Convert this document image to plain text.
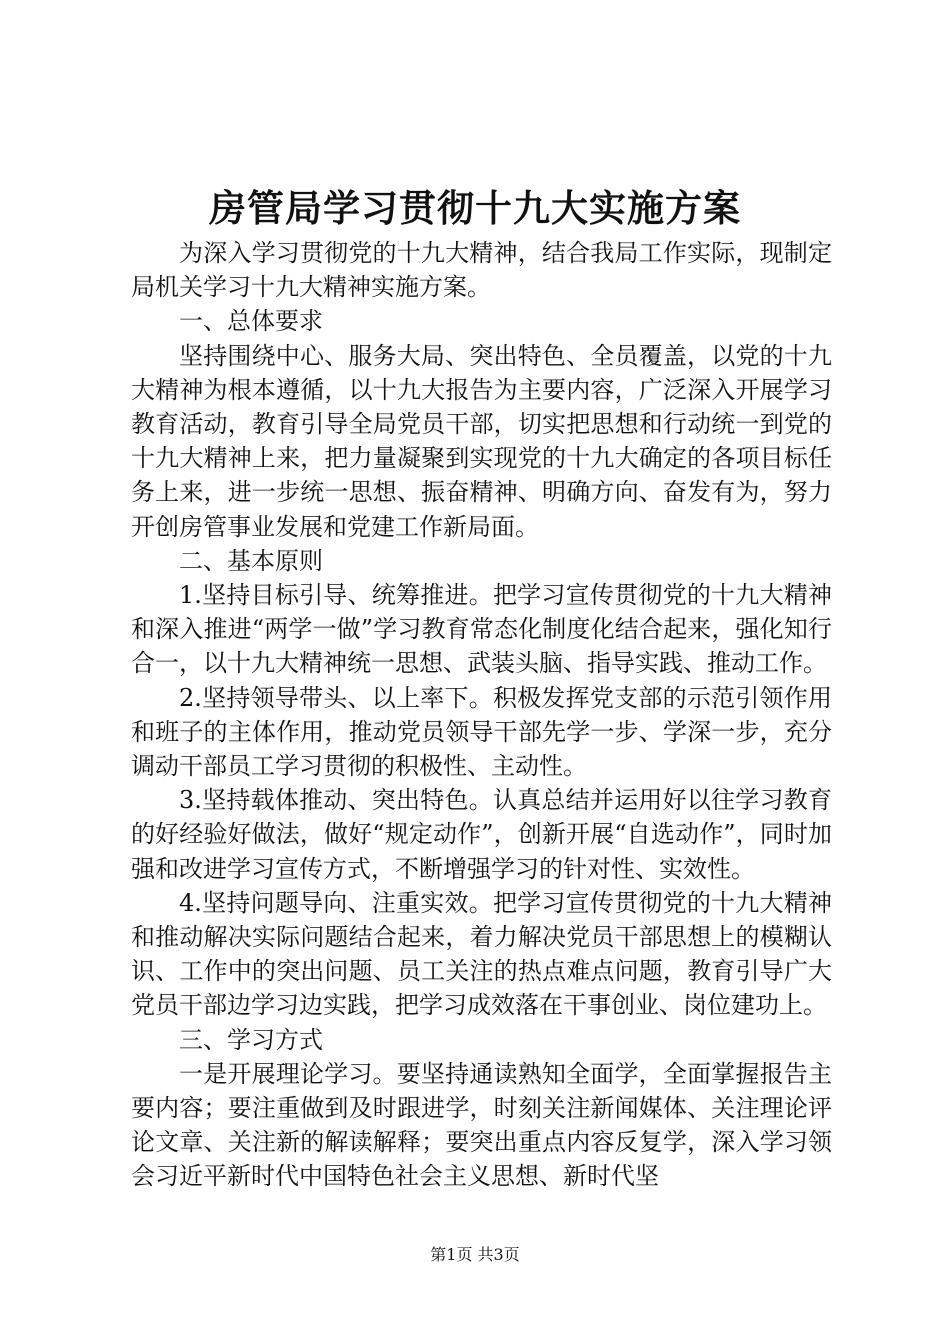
房管局学习贯彻十九大实施方案

为深入学习贯彻党的十九大精神，结合我局工作实际，现制定局机关学习十九大精神实施方案。

一、总体要求

坚持围绕中心、服务大局、突出特色、全员覆盖，以党的十九大精神为根本遵循，以十九大报告为主要内容，广泛深入开展学习教育活动，教育引导全局党员干部，切实把思想和行动统一到党的十九大精神上来，把力量凝聚到实现党的十九大确定的各项目标任务上来，进一步统一思想、振奋精神、明确方向、奋发有为，努力开创房管事业发展和党建工作新局面。

二、基本原则

1.坚持目标引导、统筹推进。把学习宣传贯彻党的十九大精神和深入推进“两学一做”学习教育常态化制度化结合起来，强化知行合一，以十九大精神统一思想、武装头脑、指导实践、推动工作。

2.坚持领导带头、以上率下。积极发挥党支部的示范引领作用和班子的主体作用，推动党员领导干部先学一步、学深一步，充分调动干部员工学习贯彻的积极性、主动性。

3.坚持载体推动、突出特色。认真总结并运用好以往学习教育的好经验好做法，做好“规定动作”，创新开展“自选动作”，同时加强和改进学习宣传方式，不断增强学习的针对性、实效性。

4.坚持问题导向、注重实效。把学习宣传贯彻党的十九大精神和推动解决实际问题结合起来，着力解决党员干部思想上的模糊认识、工作中的突出问题、员工关注的热点难点问题，教育引导广大党员干部边学习边实践，把学习成效落在干事创业、岗位建功上。

三、学习方式

一是开展理论学习。要坚持通读熟知全面学，全面掌握报告主要内容；要注重做到及时跟进学，时刻关注新闻媒体、关注理论评论文章、关注新的解读解释；要突出重点内容反复学，深入学习领会习近平新时代中国特色社会主义思想、新时代坚

第1页 共3页
